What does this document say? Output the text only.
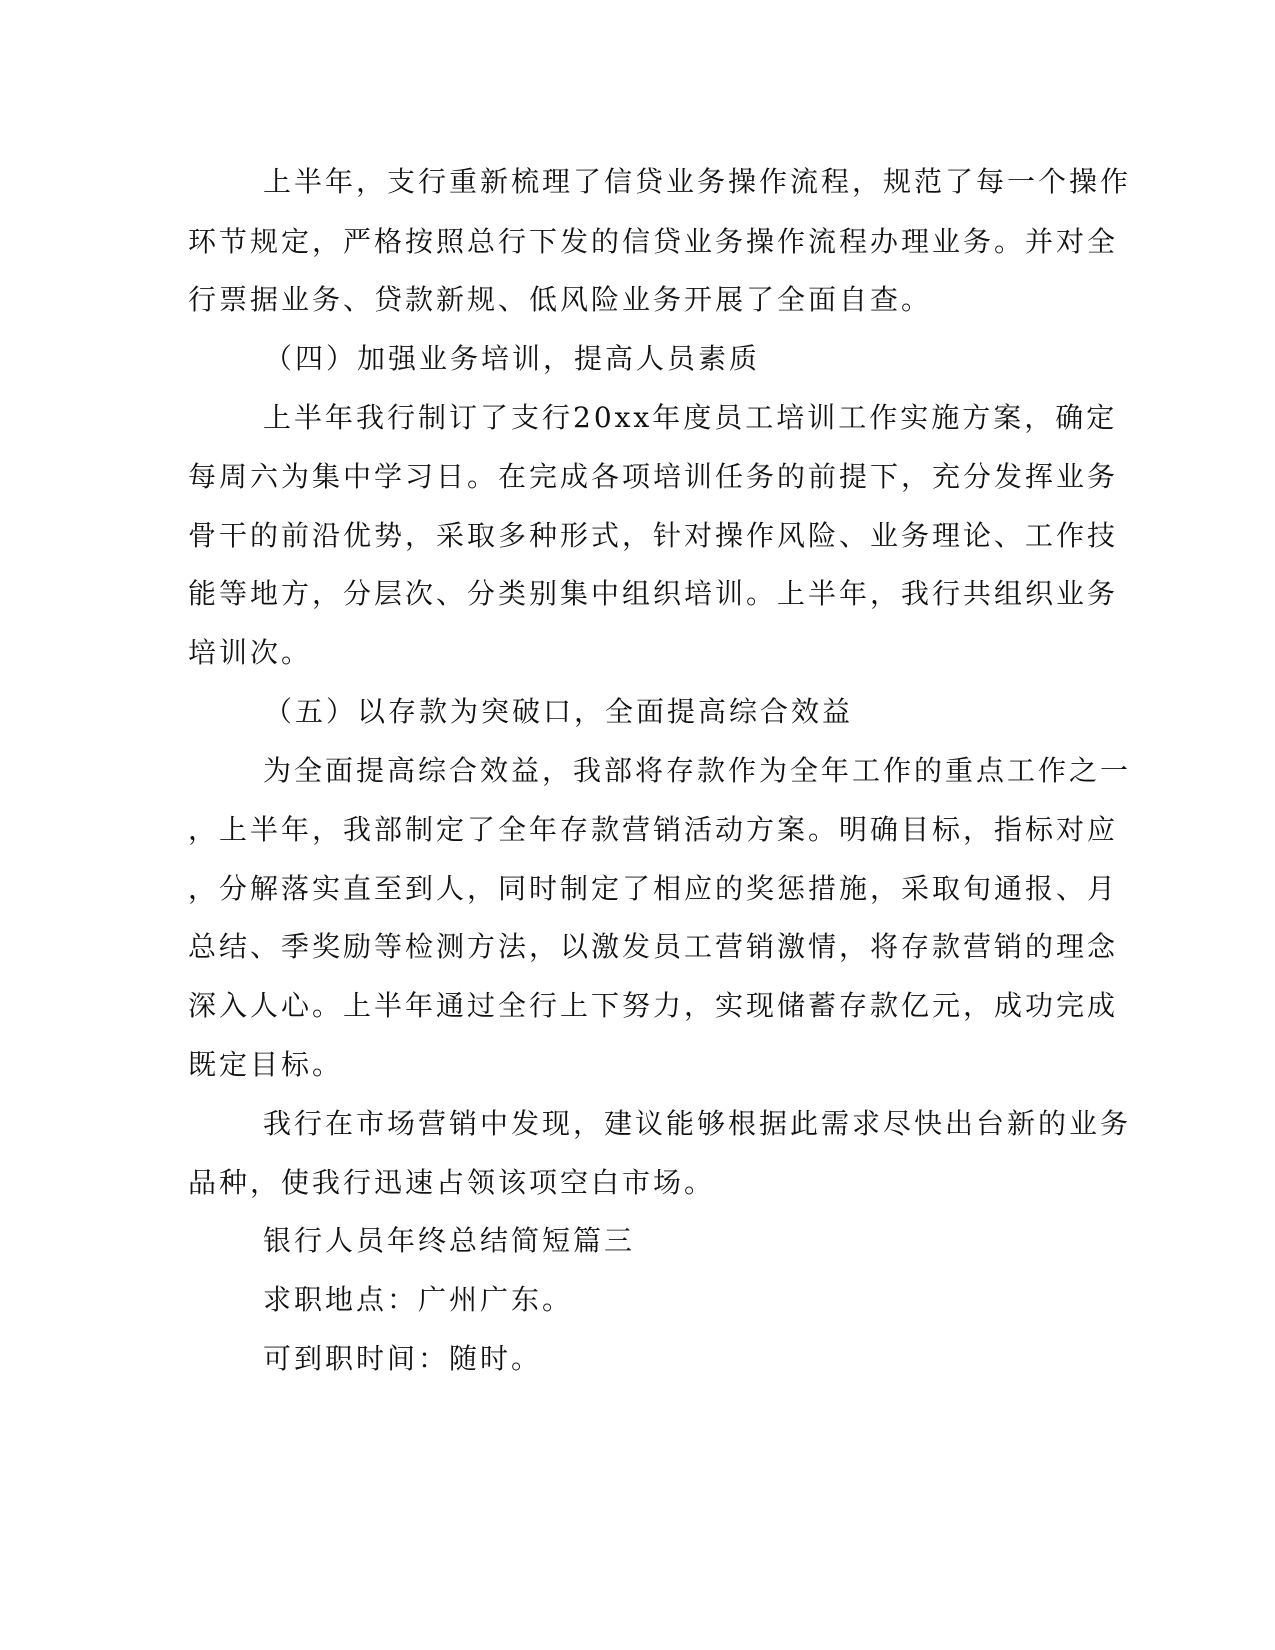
上半年，支行重新梳理了信贷业务操作流程，规范了每一个操作
环节规定，严格按照总行下发的信贷业务操作流程办理业务。并对全
行票据业务、贷款新规、低风险业务开展了全面自查。
（四）加强业务培训，提高人员素质
上半年我行制订了支行20xx年度员工培训工作实施方案，确定
每周六为集中学习日。在完成各项培训任务的前提下，充分发挥业务
骨干的前沿优势，采取多种形式，针对操作风险、业务理论、工作技
能等地方，分层次、分类别集中组织培训。上半年，我行共组织业务
培训次。
（五）以存款为突破口，全面提高综合效益
为全面提高综合效益，我部将存款作为全年工作的重点工作之一
，上半年，我部制定了全年存款营销活动方案。明确目标，指标对应
，分解落实直至到人，同时制定了相应的奖惩措施，采取旬通报、月
总结、季奖励等检测方法，以激发员工营销激情，将存款营销的理念
深入人心。上半年通过全行上下努力，实现储蓄存款亿元，成功完成
既定目标。
我行在市场营销中发现，建议能够根据此需求尽快出台新的业务
品种，使我行迅速占领该项空白市场。
银行人员年终总结简短篇三
求职地点：广州广东。
可到职时间：随时。
